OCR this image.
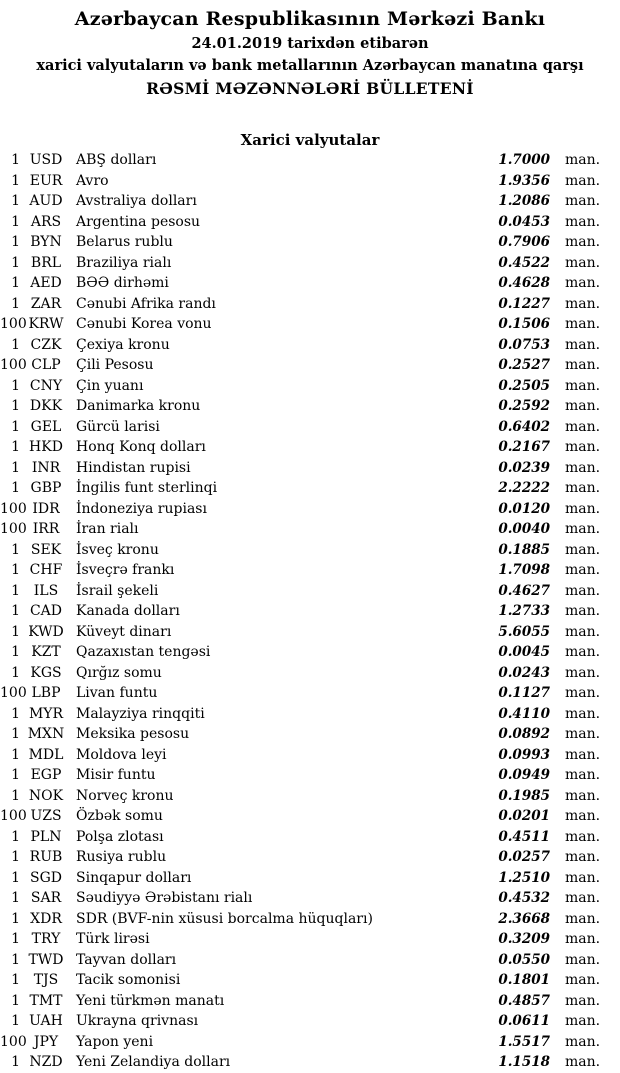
Azərbaycan Respublikasının Mərkəzi Bankı
24.01.2019 tarixdən etibarən
xarici valyutaların və bank metallarının Azərbaycan manatına qarşı
RƏSMİ MƏZƏNNƏLƏRİ BÜLLETENİ
Xarici valyutalar
1 USD ABŞ dolları	1.7000	man.
1 EUR Avro	1.9356	man.
1 AUD Avstraliya dolları	1.2086	man.
1 ARS	Argentina pesosu	0.0453	man.
1 BYN	Belarus rublu	0.7906	man.
1 BRL	Braziliya rialı	0.4522	man.
1 AED	BƏƏ dirhəmi	0.4628	man.
1 ZAR	Cənubi Afrika randı	0.1227	man.
100 KRW Cənubi Korea vonu	0.1506	man.
1 CZK	Çexiya kronu	0.0753	man.
100 CLP	Çili Pesosu	0.2527	man.
1 CNY Çin yuanı	0.2505	man.
1 DKK Danimarka kronu	0.2592	man.
1 GEL	Gürcü larisi	0.6402	man.
1 HKD Honq Konq dolları	0.2167	man.
1 INR	Hindistan rupisi	0.0239	man.
1 GBP	İngilis funt sterlinqi	2.2222	man.
100 IDR	İndoneziya rupiası	0.0120	man.
100 IRR	İran rialı	0.0040	man.
1 SEK	İsveç kronu	0.1885	man.
1 CHF İsveçrə frankı	1.7098	man.
1 ILS	İsrail şekeli	0.4627	man.
1 CAD Kanada dolları	1.2733	man.
1 KWD Küveyt dinarı	5.6055	man.
1 KZT	Qazaxıstan tengəsi	0.0045	man.
1 KGS	Qırğız somu	0.0243	man.
100 LBP	Livan funtu	0.1127	man.
1 MYR Malayziya rinqqiti	0.4110	man.
1 MXN Meksika pesosu	0.0892	man.
1 MDL Moldova leyi	0.0993	man.
1 EGP	Misir funtu	0.0949	man.
1 NOK Norveç kronu	0.1985	man.
100 UZS	Özbək somu	0.0201	man.
1 PLN	Polşa zlotası	0.4511	man.
1 RUB Rusiya rublu	0.0257	man.
1 SGD	Sinqapur dolları	1.2510	man.
1 SAR	Səudiyyə Ərəbistanı rialı	0.4532	man.
1 XDR	SDR (BVF-nin xüsusi borcalma hüquqları)	2.3668	man.
1 TRY	Türk lirəsi	0.3209	man.
1 TWD Tayvan dolları	0.0550	man.
1 TJS	Tacik somonisi	0.1801	man.
1 TMT Yeni türkmən manatı	0.4857	man.
1 UAH Ukrayna qrivnası	0.0611	man.
100 JPY	Yapon yeni	1.5517	man.
1 NZD Yeni Zelandiya dolları	1.1518	man.
